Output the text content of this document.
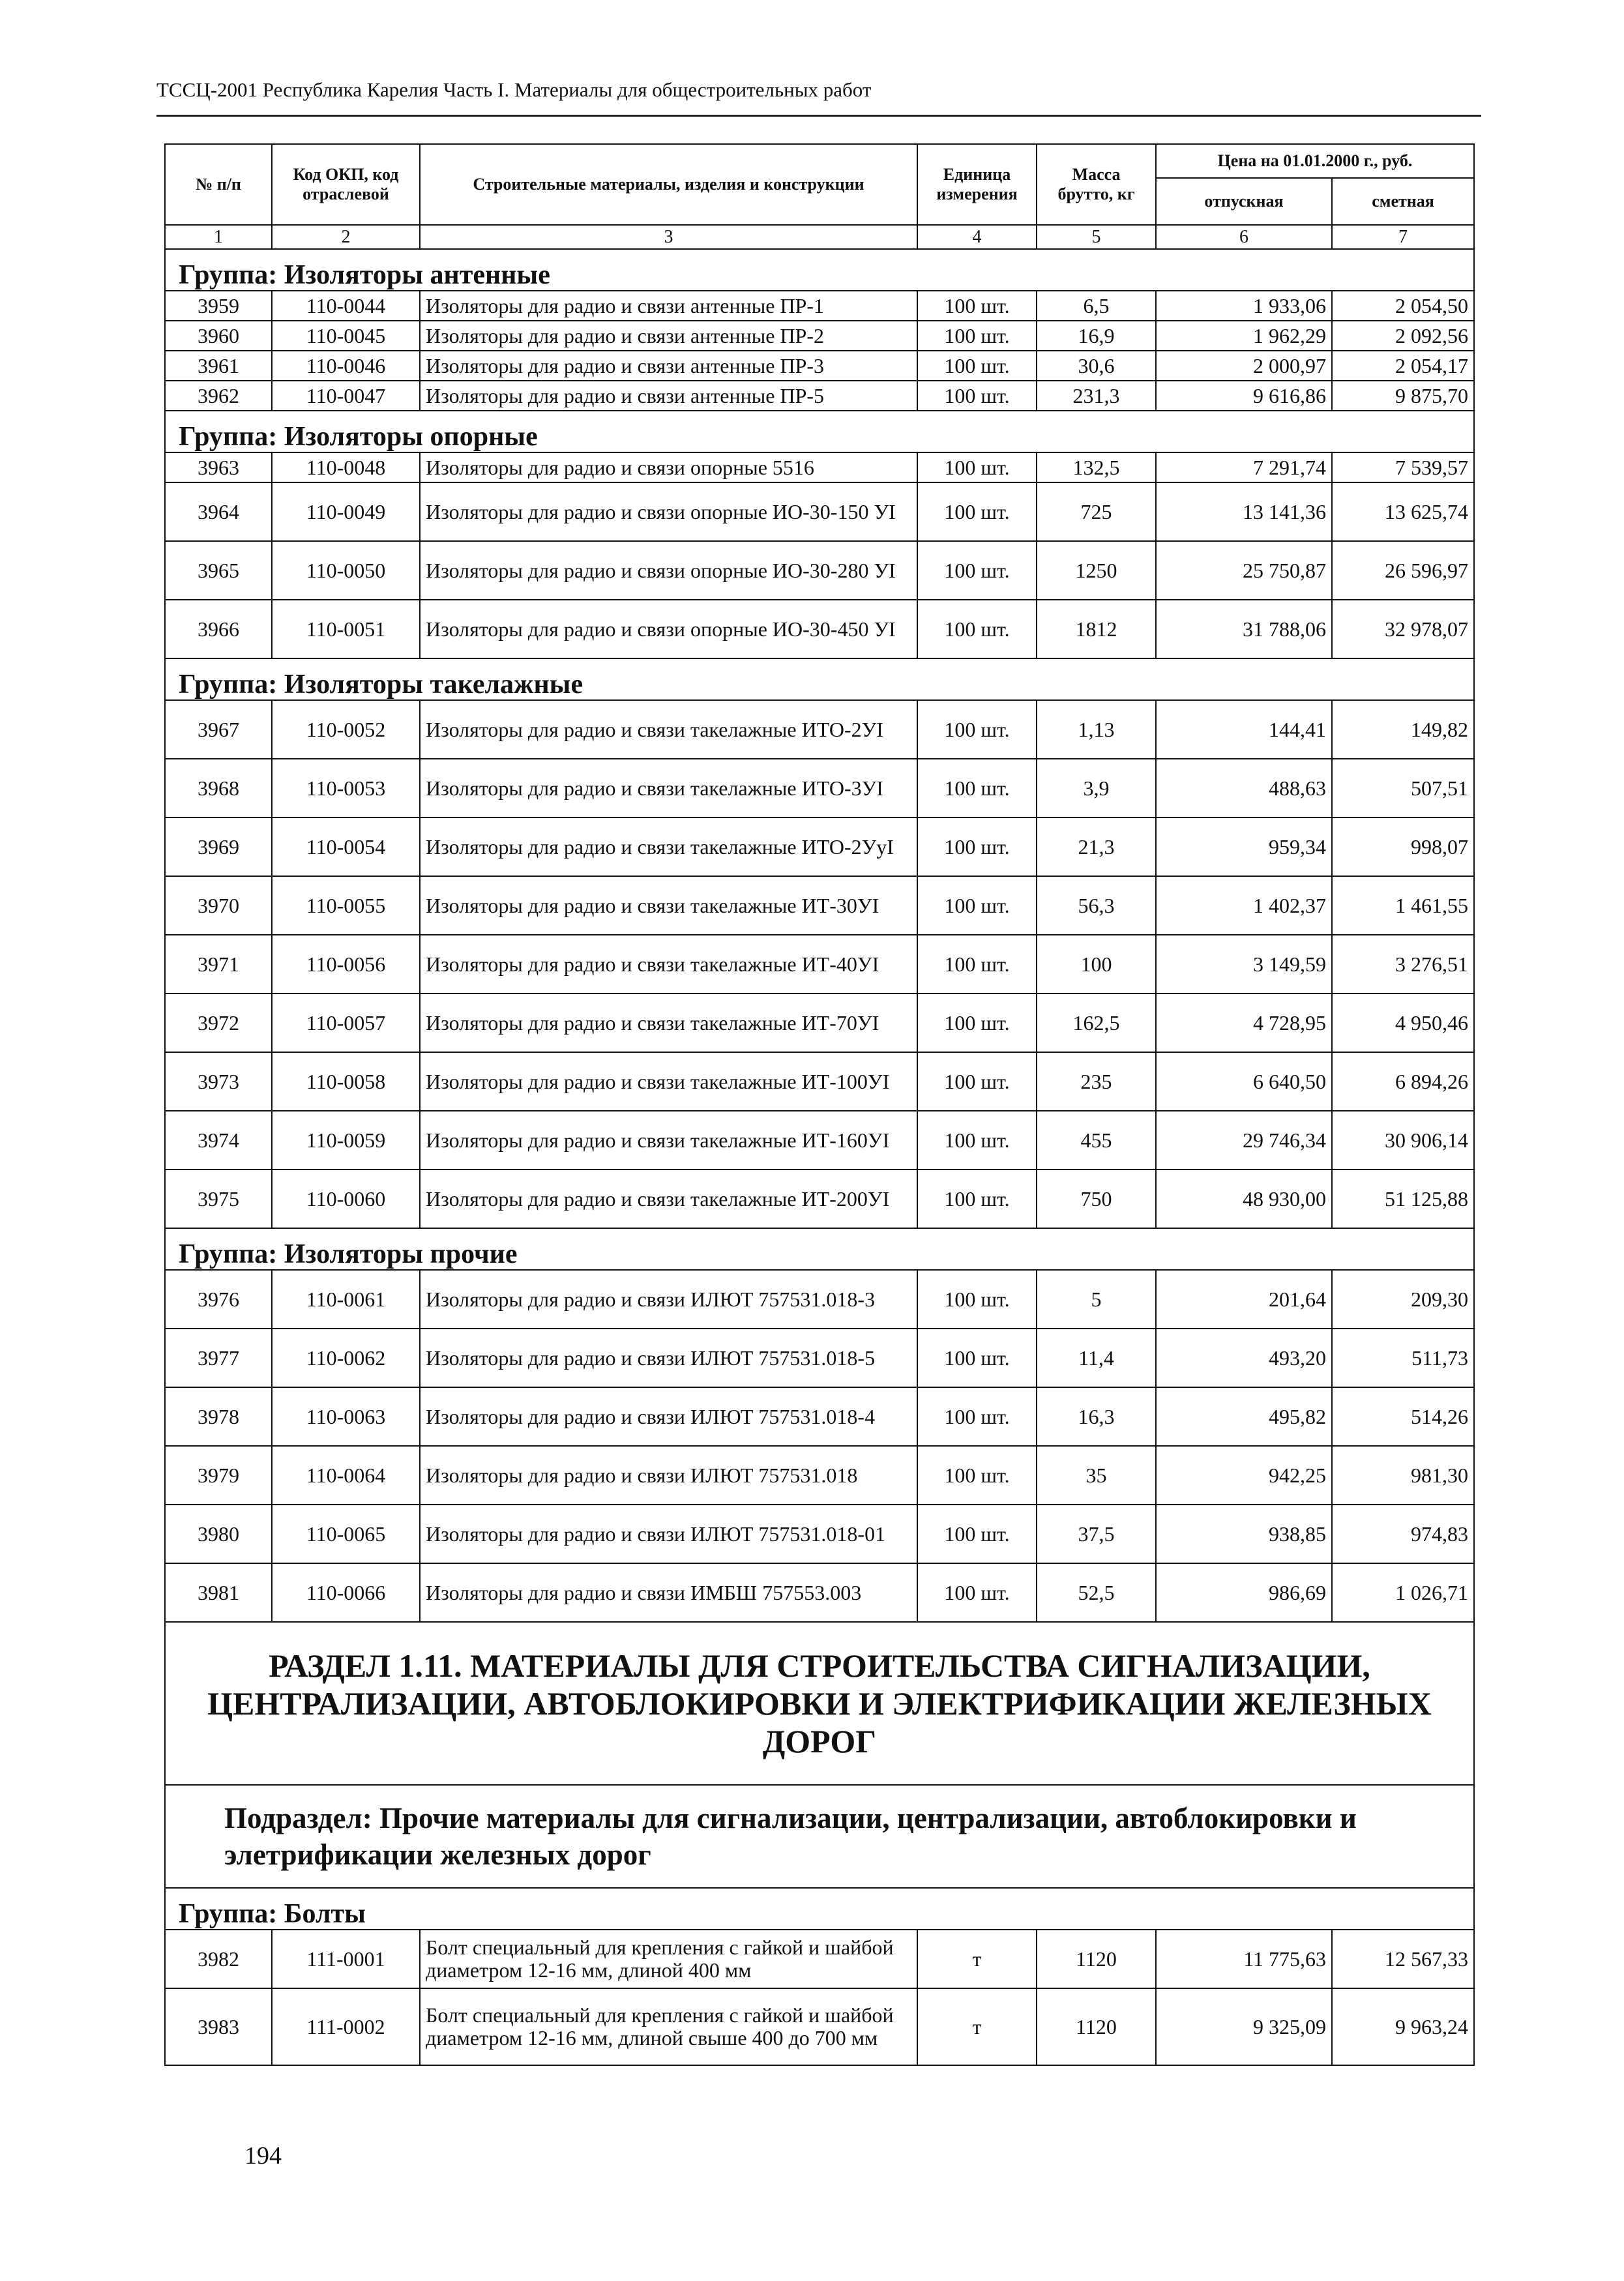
ТССЦ-2001 Республика Карелия Часть I. Материалы для общестроительных работ
№ п/п	Код ОКП, код отраслевой	Строительные материалы, изделия и конструкции	Единица измерения	Масса брутто, кг	Цена на 01.01.2000 г., руб.	
					отпускная	сметная
1	2	3	4	5	6	7
Группа: Изоляторы антенные						
3959	110-0044	Изоляторы для радио и связи антенные ПР-1	100 шт.	6,5	1 933,06	2 054,50
3960	110-0045	Изоляторы для радио и связи антенные ПР-2	100 шт.	16,9	1 962,29	2 092,56
3961	110-0046	Изоляторы для радио и связи антенные ПР-3	100 шт.	30,6	2 000,97	2 054,17
3962	110-0047	Изоляторы для радио и связи антенные ПР-5	100 шт.	231,3	9 616,86	9 875,70
Группа: Изоляторы опорные						
3963	110-0048	Изоляторы для радио и связи опорные 5516	100 шт.	132,5	7 291,74	7 539,57
3964	110-0049	Изоляторы для радио и связи опорные ИО-30-150 УI	100 шт.	725	13 141,36	13 625,74
3965	110-0050	Изоляторы для радио и связи опорные ИО-30-280 УI	100 шт.	1250	25 750,87	26 596,97
3966	110-0051	Изоляторы для радио и связи опорные ИО-30-450 УI	100 шт.	1812	31 788,06	32 978,07
Группа: Изоляторы такелажные						
3967	110-0052	Изоляторы для радио и связи такелажные ИТО-2УI	100 шт.	1,13	144,41	149,82
3968	110-0053	Изоляторы для радио и связи такелажные ИТО-3УI	100 шт.	3,9	488,63	507,51
3969	110-0054	Изоляторы для радио и связи такелажные ИТО-2УуI	100 шт.	21,3	959,34	998,07
3970	110-0055	Изоляторы для радио и связи такелажные ИТ-30УI	100 шт.	56,3	1 402,37	1 461,55
3971	110-0056	Изоляторы для радио и связи такелажные ИТ-40УI	100 шт.	100	3 149,59	3 276,51
3972	110-0057	Изоляторы для радио и связи такелажные ИТ-70УI	100 шт.	162,5	4 728,95	4 950,46
3973	110-0058	Изоляторы для радио и связи такелажные ИТ-100УI	100 шт.	235	6 640,50	6 894,26
3974	110-0059	Изоляторы для радио и связи такелажные ИТ-160УI	100 шт.	455	29 746,34	30 906,14
3975	110-0060	Изоляторы для радио и связи такелажные ИТ-200УI	100 шт.	750	48 930,00	51 125,88
Группа: Изоляторы прочие						
3976	110-0061	Изоляторы для радио и связи ИЛЮТ 757531.018-3	100 шт.	5	201,64	209,30
3977	110-0062	Изоляторы для радио и связи ИЛЮТ 757531.018-5	100 шт.	11,4	493,20	511,73
3978	110-0063	Изоляторы для радио и связи ИЛЮТ 757531.018-4	100 шт.	16,3	495,82	514,26
3979	110-0064	Изоляторы для радио и связи ИЛЮТ 757531.018	100 шт.	35	942,25	981,30
3980	110-0065	Изоляторы для радио и связи ИЛЮТ 757531.018-01	100 шт.	37,5	938,85	974,83
3981	110-0066	Изоляторы для радио и связи ИМБШ 757553.003	100 шт.	52,5	986,69	1 026,71
РАЗДЕЛ 1.11. МАТЕРИАЛЫ ДЛЯ СТРОИТЕЛЬСТВА СИГНАЛИЗАЦИИ, ЦЕНТРАЛИЗАЦИИ, АВТОБЛОКИРОВКИ И ЭЛЕКТРИФИКАЦИИ ЖЕЛЕЗНЫХ ДОРОГ						
Подраздел: Прочие материалы для сигнализации, централизации, автоблокировки и элетрификации железных дорог						
Группа: Болты						
3982	111-0001	Болт специальный для крепления с гайкой и шайбой диаметром 12-16 мм, длиной 400 мм	т	1120	11 775,63	12 567,33
3983	111-0002	Болт специальный для крепления с гайкой и шайбой диаметром 12-16 мм, длиной свыше 400 до 700 мм	т	1120	9 325,09	9 963,24
194
